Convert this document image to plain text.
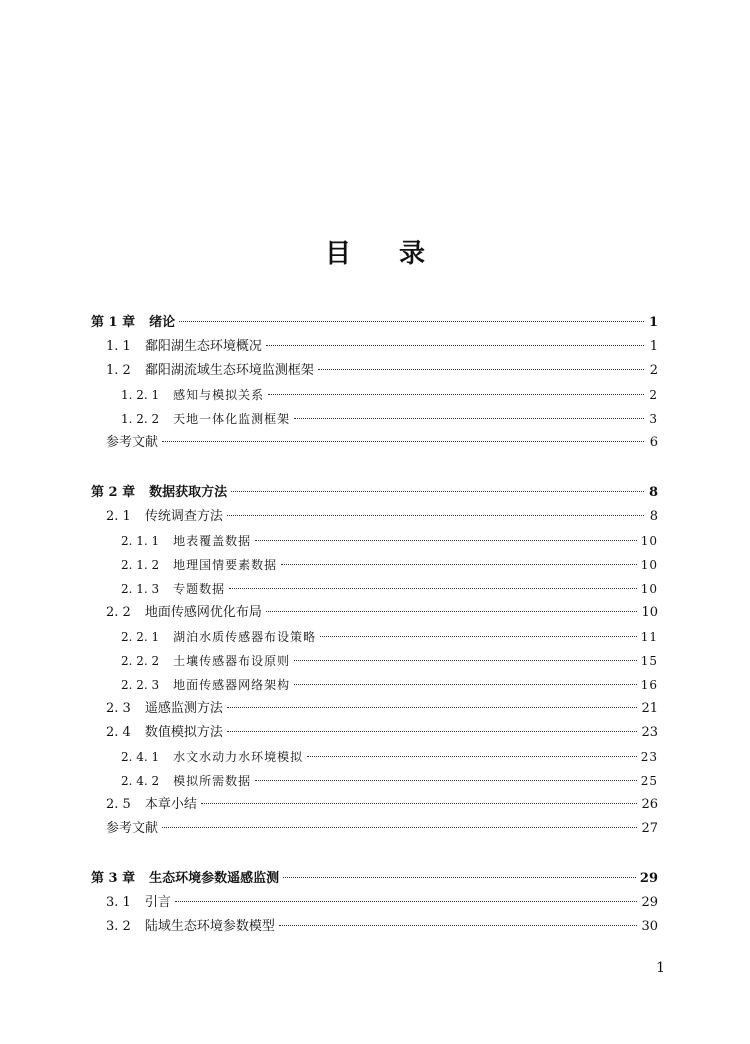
目 录
第 1 章 绪论	1
1. 1 鄱阳湖生态环境概况	1
1. 2 鄱阳湖流域生态环境监测框架	2
1. 2. 1 感知与模拟关系	2
1. 2. 2 天地一体化监测框架	3
参考文献	6
第 2 章 数据获取方法	8
2. 1 传统调查方法	8
2. 1. 1 地表覆盖数据	10
2. 1. 2 地理国情要素数据	10
2. 1. 3 专题数据	10
2. 2 地面传感网优化布局	10
2. 2. 1 湖泊水质传感器布设策略	11
2. 2. 2 土壤传感器布设原则	15
2. 2. 3 地面传感器网络架构	16
2. 3 遥感监测方法	21
2. 4 数值模拟方法	23
2. 4. 1 水文水动力水环境模拟	23
2. 4. 2 模拟所需数据	25
2. 5 本章小结	26
参考文献	27
第 3 章 生态环境参数遥感监测	29
3. 1 引言	29
3. 2 陆域生态环境参数模型	30
1
